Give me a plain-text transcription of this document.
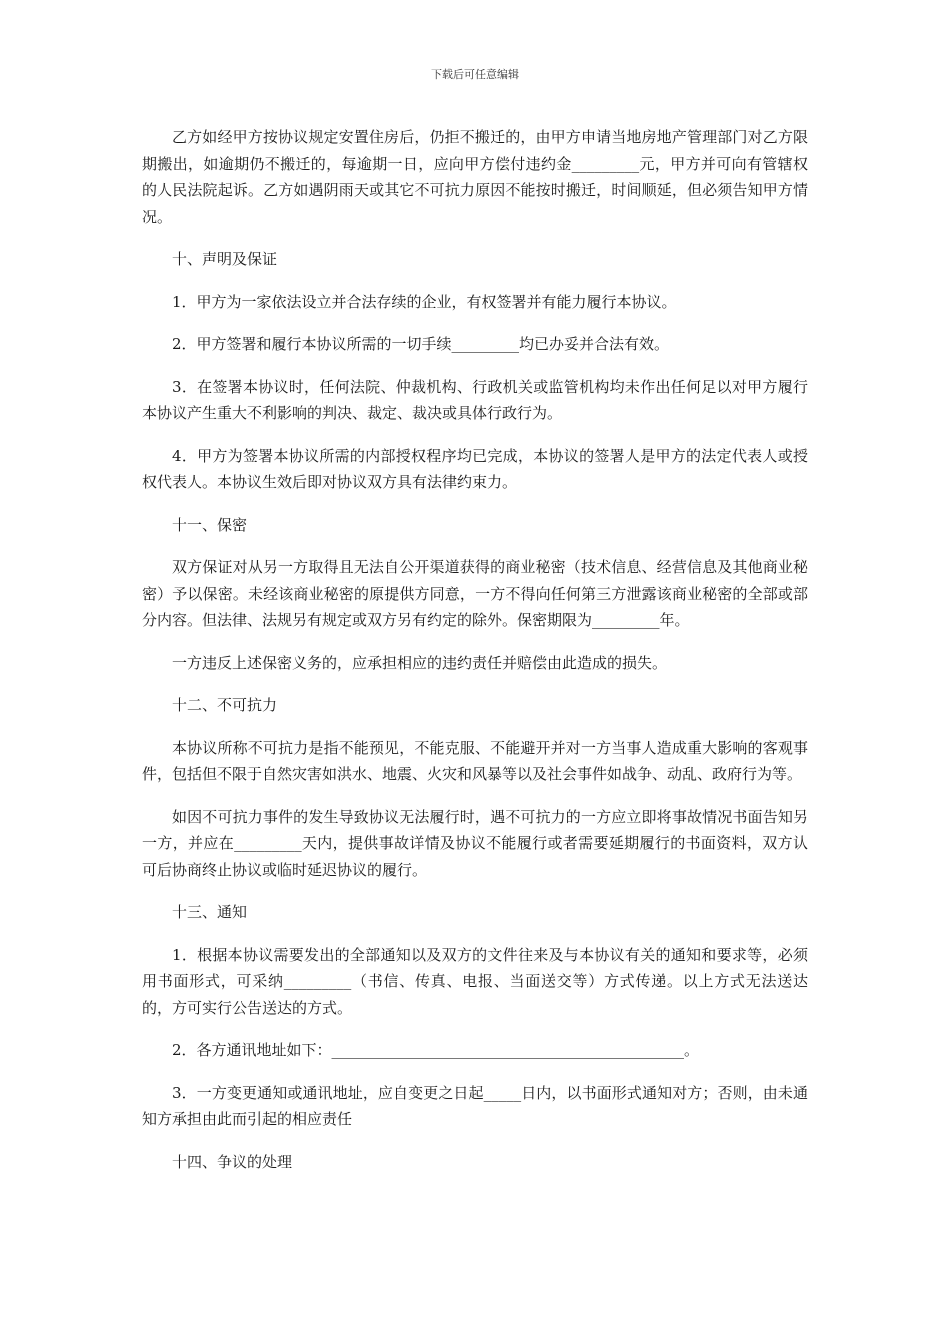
下载后可任意编辑

乙方如经甲方按协议规定安置住房后，仍拒不搬迁的，由甲方申请当地房地产管理部门对乙方限期搬出，如逾期仍不搬迁的，每逾期一日，应向甲方偿付违约金_________元，甲方并可向有管辖权的人民法院起诉。乙方如遇阴雨天或其它不可抗力原因不能按时搬迁，时间顺延，但必须告知甲方情况。

十、声明及保证

1．甲方为一家依法设立并合法存续的企业，有权签署并有能力履行本协议。

2．甲方签署和履行本协议所需的一切手续_________均已办妥并合法有效。

3．在签署本协议时，任何法院、仲裁机构、行政机关或监管机构均未作出任何足以对甲方履行本协议产生重大不利影响的判决、裁定、裁决或具体行政行为。

4．甲方为签署本协议所需的内部授权程序均已完成，本协议的签署人是甲方的法定代表人或授权代表人。本协议生效后即对协议双方具有法律约束力。

十一、保密

双方保证对从另一方取得且无法自公开渠道获得的商业秘密（技术信息、经营信息及其他商业秘密）予以保密。未经该商业秘密的原提供方同意，一方不得向任何第三方泄露该商业秘密的全部或部分内容。但法律、法规另有规定或双方另有约定的除外。保密期限为_________年。

一方违反上述保密义务的，应承担相应的违约责任并赔偿由此造成的损失。

十二、不可抗力

本协议所称不可抗力是指不能预见，不能克服、不能避开并对一方当事人造成重大影响的客观事件，包括但不限于自然灾害如洪水、地震、火灾和风暴等以及社会事件如战争、动乱、政府行为等。

如因不可抗力事件的发生导致协议无法履行时，遇不可抗力的一方应立即将事故情况书面告知另一方，并应在_________天内，提供事故详情及协议不能履行或者需要延期履行的书面资料，双方认可后协商终止协议或临时延迟协议的履行。

十三、通知

1．根据本协议需要发出的全部通知以及双方的文件往来及与本协议有关的通知和要求等，必须用书面形式，可采纳_________（书信、传真、电报、当面送交等）方式传递。以上方式无法送达的，方可实行公告送达的方式。

2．各方通讯地址如下：_______________________________________________。

3．一方变更通知或通讯地址，应自变更之日起_____日内，以书面形式通知对方；否则，由未通知方承担由此而引起的相应责任

十四、争议的处理
